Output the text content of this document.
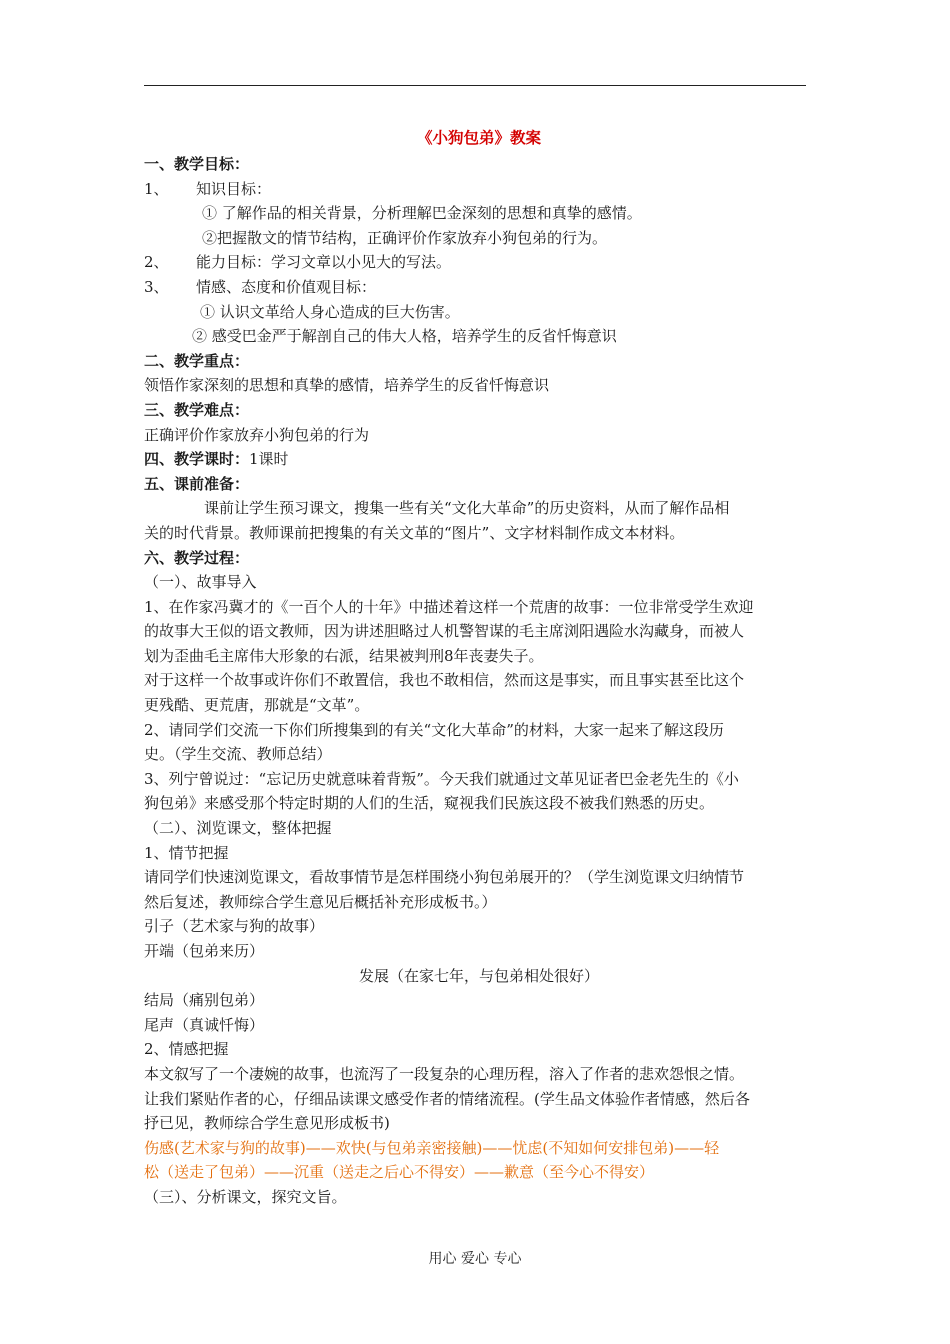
《小狗包弟》教案
一、教学目标：
1、 知识目标：
① 了解作品的相关背景，分析理解巴金深刻的思想和真挚的感情。
②把握散文的情节结构，正确评价作家放弃小狗包弟的行为。
2、 能力目标：学习文章以小见大的写法。
3、 情感、态度和价值观目标：
① 认识文革给人身心造成的巨大伤害。
② 感受巴金严于解剖自己的伟大人格，培养学生的反省忏悔意识
二、教学重点：
领悟作家深刻的思想和真挚的感情，培养学生的反省忏悔意识
三、教学难点：
正确评价作家放弃小狗包弟的行为
四、教学课时：1课时
五、课前准备：
课前让学生预习课文，搜集一些有关“文化大革命”的历史资料，从而了解作品相
关的时代背景。教师课前把搜集的有关文革的“图片”、文字材料制作成文本材料。
六、教学过程：
（一）、故事导入
1、在作家冯冀才的《一百个人的十年》中描述着这样一个荒唐的故事：一位非常受学生欢迎
的故事大王似的语文教师，因为讲述胆略过人机警智谋的毛主席浏阳遇险水沟藏身，而被人
划为歪曲毛主席伟大形象的右派，结果被判刑8年丧妻失子。
对于这样一个故事或许你们不敢置信，我也不敢相信，然而这是事实，而且事实甚至比这个
更残酷、更荒唐，那就是“文革”。
2、请同学们交流一下你们所搜集到的有关“文化大革命”的材料，大家一起来了解这段历
史。（学生交流、教师总结）
3、列宁曾说过：“忘记历史就意味着背叛”。今天我们就通过文革见证者巴金老先生的《小
狗包弟》来感受那个特定时期的人们的生活，窥视我们民族这段不被我们熟悉的历史。
（二）、浏览课文，整体把握
1、情节把握
请同学们快速浏览课文，看故事情节是怎样围绕小狗包弟展开的？（学生浏览课文归纳情节
然后复述，教师综合学生意见后概括补充形成板书。）
引子（艺术家与狗的故事）
开端（包弟来历）
发展（在家七年，与包弟相处很好）
结局（痛别包弟）
尾声（真诚忏悔）
2、情感把握
本文叙写了一个凄婉的故事，也流泻了一段复杂的心理历程，溶入了作者的悲欢怨恨之情。
让我们紧贴作者的心，仔细品读课文感受作者的情绪流程。(学生品文体验作者情感，然后各
抒已见，教师综合学生意见形成板书)
伤感(艺术家与狗的故事)——欢快(与包弟亲密接触)——忧虑(不知如何安排包弟)——轻
松（送走了包弟）——沉重（送走之后心不得安）——歉意（至今心不得安）
（三）、分析课文，探究文旨。
用心 爱心 专心
